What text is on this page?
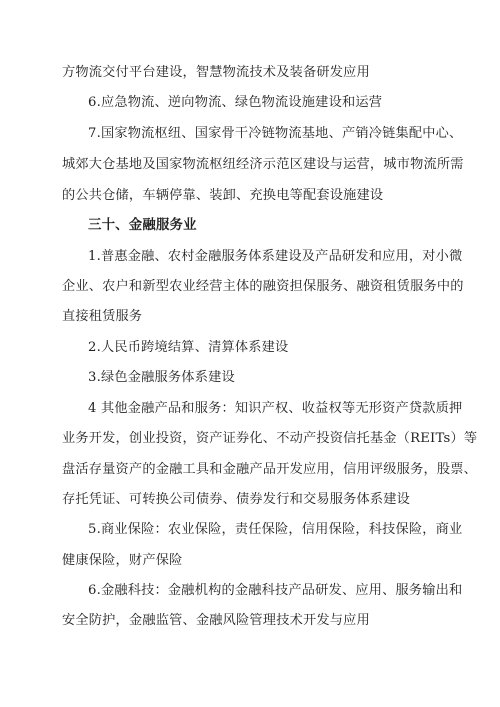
方物流交付平台建设，智慧物流技术及装备研发应用
6.应急物流、逆向物流、绿色物流设施建设和运营
7.国家物流枢纽、国家骨干冷链物流基地、产销冷链集配中心、
城郊大仓基地及国家物流枢纽经济示范区建设与运营，城市物流所需
的公共仓储，车辆停靠、装卸、充换电等配套设施建设
三十、金融服务业
1.普惠金融、农村金融服务体系建设及产品研发和应用，对小微
企业、农户和新型农业经营主体的融资担保服务、融资租赁服务中的
直接租赁服务
2.人民币跨境结算、清算体系建设
3.绿色金融服务体系建设
4 其他金融产品和服务：知识产权、收益权等无形资产贷款质押
业务开发，创业投资，资产证券化、不动产投资信托基金（REITs）等
盘活存量资产的金融工具和金融产品开发应用，信用评级服务，股票、
存托凭证、可转换公司债券、债券发行和交易服务体系建设
5.商业保险：农业保险，责任保险，信用保险，科技保险，商业
健康保险，财产保险
6.金融科技：金融机构的金融科技产品研发、应用、服务输出和
安全防护，金融监管、金融风险管理技术开发与应用
